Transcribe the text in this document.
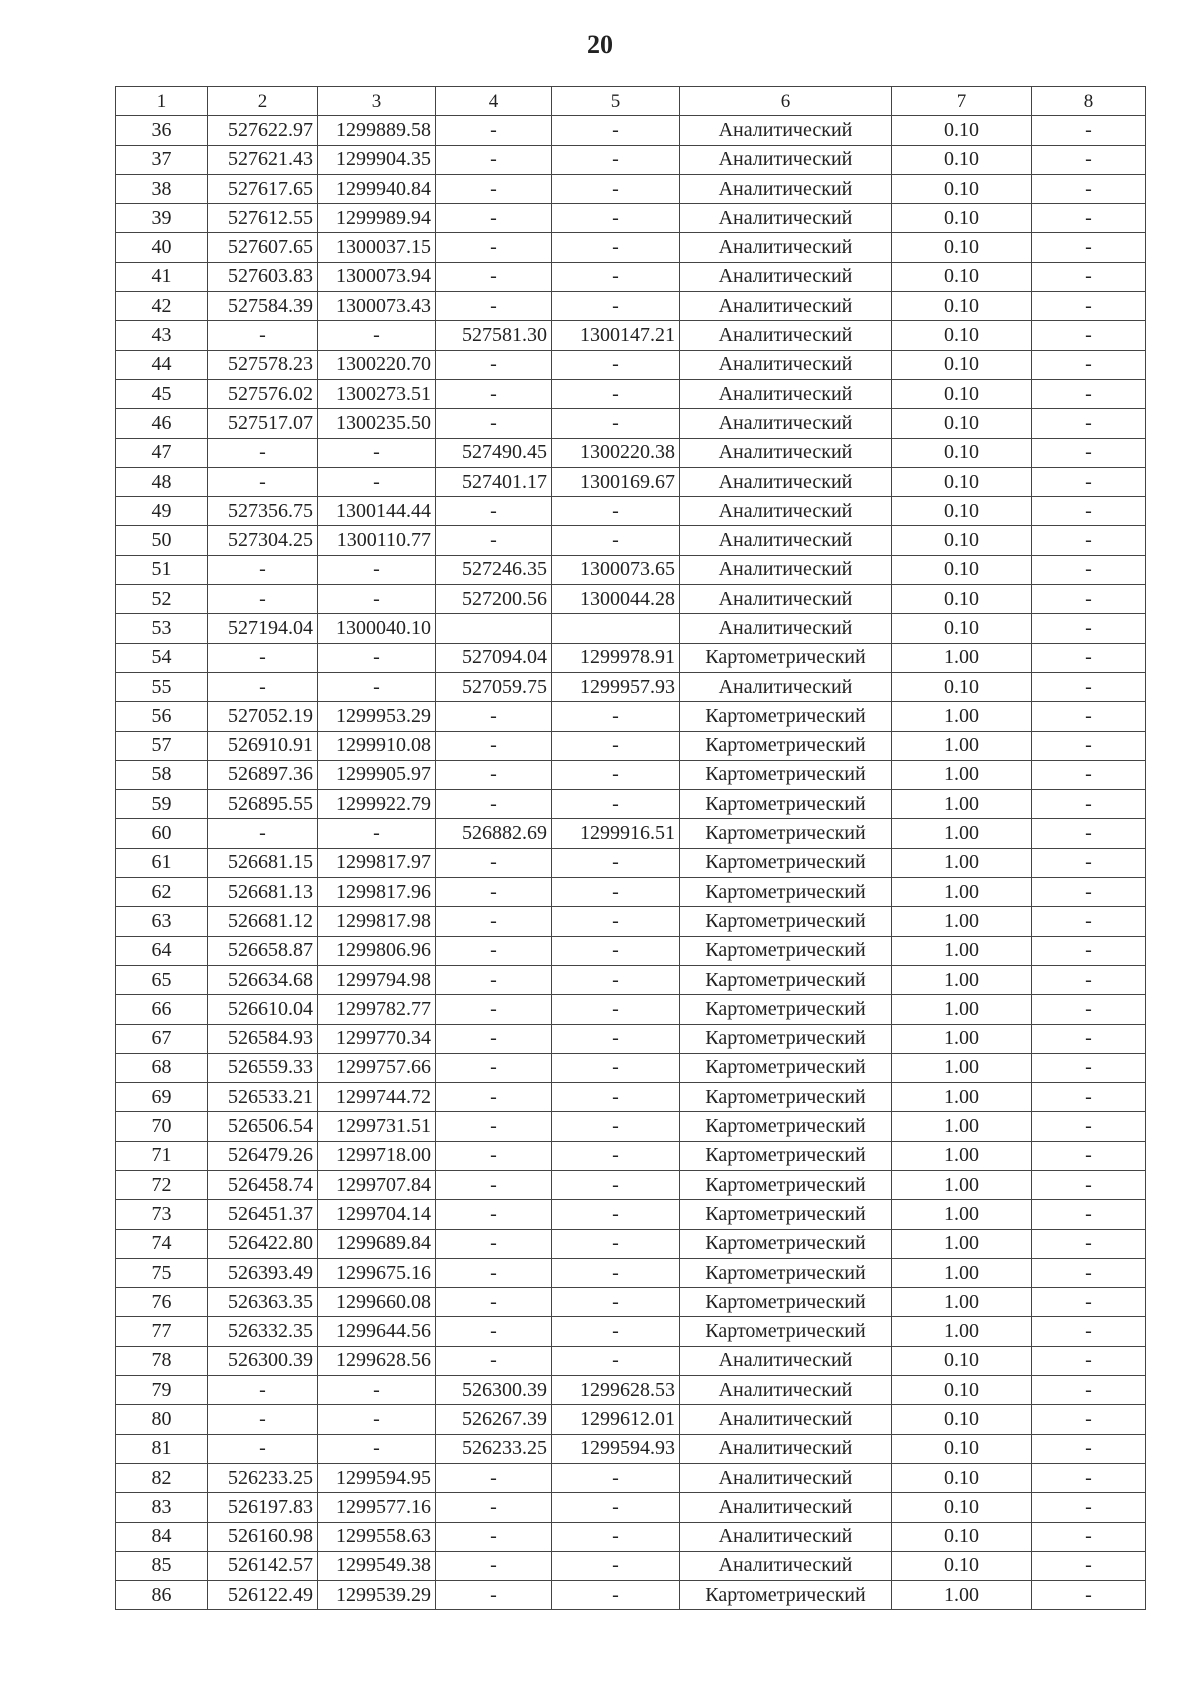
20
1	2	3	4	5	6	7	8
36	527622.97	1299889.58	-	-	Аналитический	0.10	-
37	527621.43	1299904.35	-	-	Аналитический	0.10	-
38	527617.65	1299940.84	-	-	Аналитический	0.10	-
39	527612.55	1299989.94	-	-	Аналитический	0.10	-
40	527607.65	1300037.15	-	-	Аналитический	0.10	-
41	527603.83	1300073.94	-	-	Аналитический	0.10	-
42	527584.39	1300073.43	-	-	Аналитический	0.10	-
43	-	-	527581.30	1300147.21	Аналитический	0.10	-
44	527578.23	1300220.70	-	-	Аналитический	0.10	-
45	527576.02	1300273.51	-	-	Аналитический	0.10	-
46	527517.07	1300235.50	-	-	Аналитический	0.10	-
47	-	-	527490.45	1300220.38	Аналитический	0.10	-
48	-	-	527401.17	1300169.67	Аналитический	0.10	-
49	527356.75	1300144.44	-	-	Аналитический	0.10	-
50	527304.25	1300110.77	-	-	Аналитический	0.10	-
51	-	-	527246.35	1300073.65	Аналитический	0.10	-
52	-	-	527200.56	1300044.28	Аналитический	0.10	-
53	527194.04	1300040.10			Аналитический	0.10	-
54	-	-	527094.04	1299978.91	Картометрический	1.00	-
55	-	-	527059.75	1299957.93	Аналитический	0.10	-
56	527052.19	1299953.29	-	-	Картометрический	1.00	-
57	526910.91	1299910.08	-	-	Картометрический	1.00	-
58	526897.36	1299905.97	-	-	Картометрический	1.00	-
59	526895.55	1299922.79	-	-	Картометрический	1.00	-
60	-	-	526882.69	1299916.51	Картометрический	1.00	-
61	526681.15	1299817.97	-	-	Картометрический	1.00	-
62	526681.13	1299817.96	-	-	Картометрический	1.00	-
63	526681.12	1299817.98	-	-	Картометрический	1.00	-
64	526658.87	1299806.96	-	-	Картометрический	1.00	-
65	526634.68	1299794.98	-	-	Картометрический	1.00	-
66	526610.04	1299782.77	-	-	Картометрический	1.00	-
67	526584.93	1299770.34	-	-	Картометрический	1.00	-
68	526559.33	1299757.66	-	-	Картометрический	1.00	-
69	526533.21	1299744.72	-	-	Картометрический	1.00	-
70	526506.54	1299731.51	-	-	Картометрический	1.00	-
71	526479.26	1299718.00	-	-	Картометрический	1.00	-
72	526458.74	1299707.84	-	-	Картометрический	1.00	-
73	526451.37	1299704.14	-	-	Картометрический	1.00	-
74	526422.80	1299689.84	-	-	Картометрический	1.00	-
75	526393.49	1299675.16	-	-	Картометрический	1.00	-
76	526363.35	1299660.08	-	-	Картометрический	1.00	-
77	526332.35	1299644.56	-	-	Картометрический	1.00	-
78	526300.39	1299628.56	-	-	Аналитический	0.10	-
79	-	-	526300.39	1299628.53	Аналитический	0.10	-
80	-	-	526267.39	1299612.01	Аналитический	0.10	-
81	-	-	526233.25	1299594.93	Аналитический	0.10	-
82	526233.25	1299594.95	-	-	Аналитический	0.10	-
83	526197.83	1299577.16	-	-	Аналитический	0.10	-
84	526160.98	1299558.63	-	-	Аналитический	0.10	-
85	526142.57	1299549.38	-	-	Аналитический	0.10	-
86	526122.49	1299539.29	-	-	Картометрический	1.00	-
